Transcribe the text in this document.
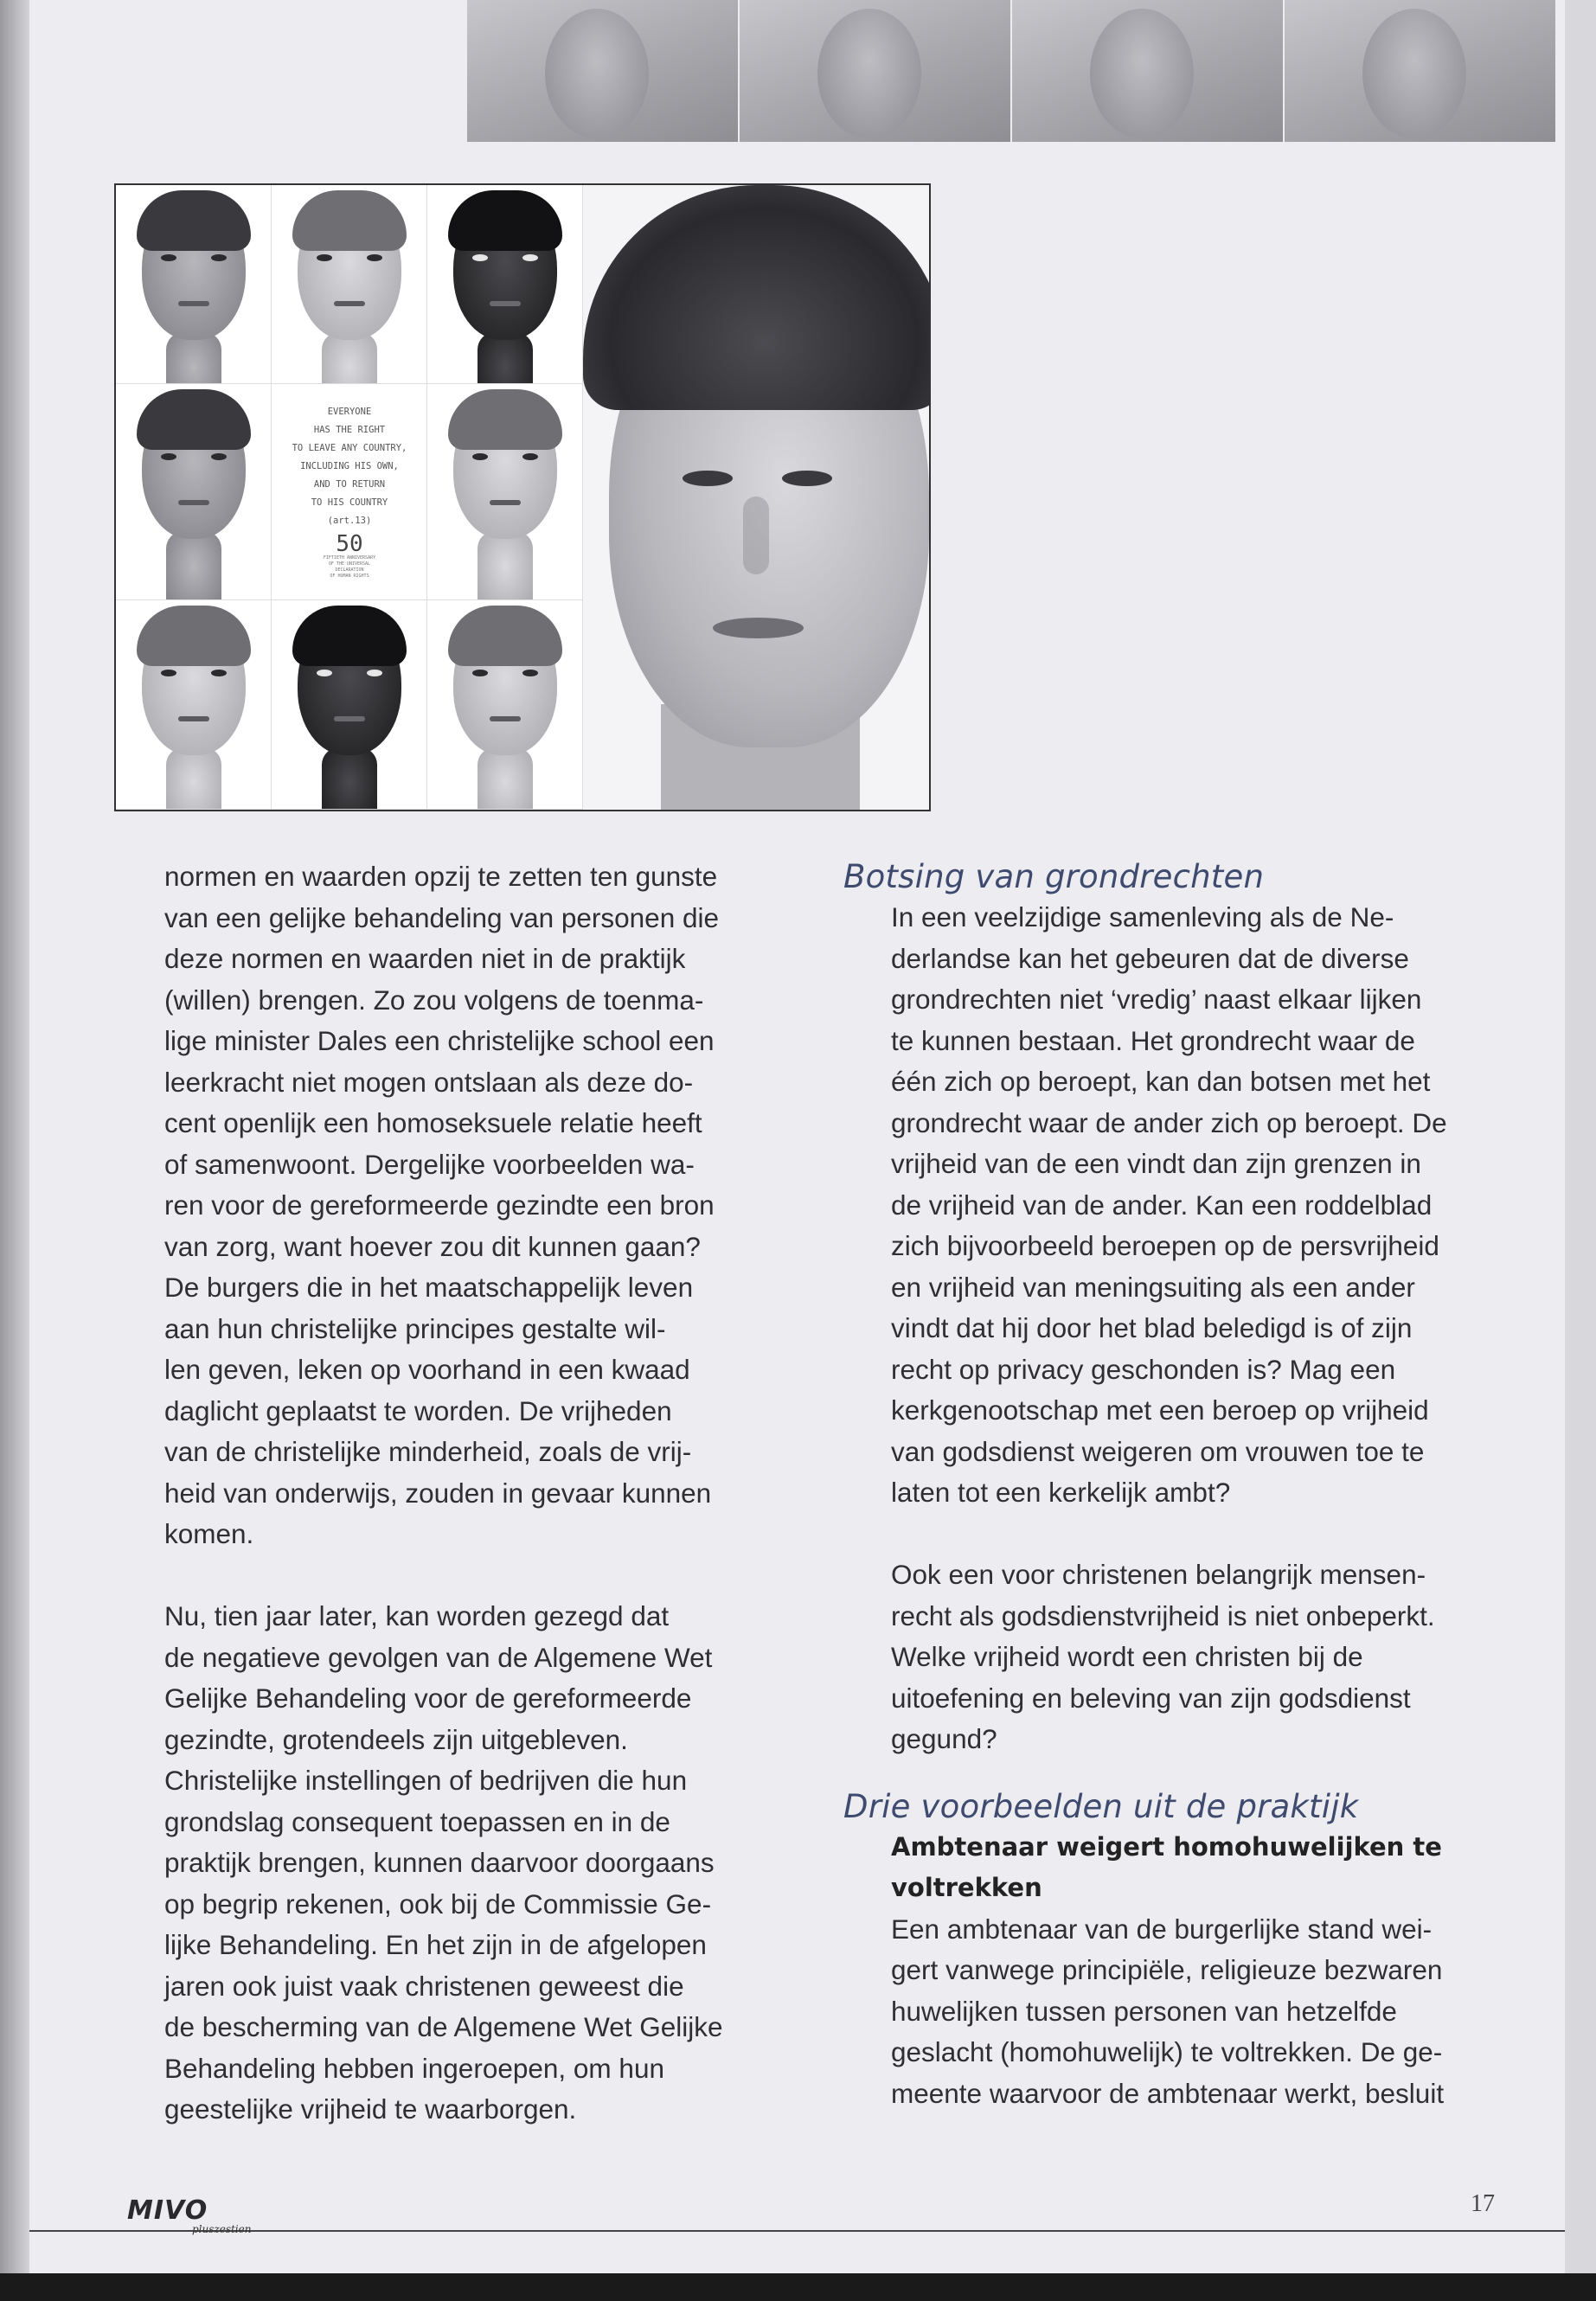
EVERYONE
HAS THE RIGHT
TO LEAVE ANY COUNTRY,
INCLUDING HIS OWN,
AND TO RETURN
TO HIS COUNTRY
(art.13)
50
FIFTIETH ANNIVERSARY
OF THE UNIVERSAL
DECLARATION
OF HUMAN RIGHTS

normen en waarden opzij te zetten ten gunste
van een gelijke behandeling van personen die
deze normen en waarden niet in de praktijk
(willen) brengen. Zo zou volgens de toenma-
lige minister Dales een christelijke school een
leerkracht niet mogen ontslaan als deze do-
cent openlijk een homoseksuele relatie heeft
of samenwoont. Dergelijke voorbeelden wa-
ren voor de gereformeerde gezindte een bron
van zorg, want hoever zou dit kunnen gaan?
De burgers die in het maatschappelijk leven
aan hun christelijke principes gestalte wil-
len geven, leken op voorhand in een kwaad
daglicht geplaatst te worden. De vrijheden
van de christelijke minderheid, zoals de vrij-
heid van onderwijs, zouden in gevaar kunnen
komen.

Nu, tien jaar later, kan worden gezegd dat
de negatieve gevolgen van de Algemene Wet
Gelijke Behandeling voor de gereformeerde
gezindte, grotendeels zijn uitgebleven.
Christelijke instellingen of bedrijven die hun
grondslag consequent toepassen en in de
praktijk brengen, kunnen daarvoor doorgaans
op begrip rekenen, ook bij de Commissie Ge-
lijke Behandeling. En het zijn in de afgelopen
jaren ook juist vaak christenen geweest die
de bescherming van de Algemene Wet Gelijke
Behandeling hebben ingeroepen, om hun
geestelijke vrijheid te waarborgen.

Botsing van grondrechten

In een veelzijdige samenleving als de Ne-
derlandse kan het gebeuren dat de diverse
grondrechten niet ‘vredig’ naast elkaar lijken
te kunnen bestaan. Het grondrecht waar de
één zich op beroept, kan dan botsen met het
grondrecht waar de ander zich op beroept. De
vrijheid van de een vindt dan zijn grenzen in
de vrijheid van de ander. Kan een roddelblad
zich bijvoorbeeld beroepen op de persvrijheid
en vrijheid van meningsuiting als een ander
vindt dat hij door het blad beledigd is of zijn
recht op privacy geschonden is? Mag een
kerkgenootschap met een beroep op vrijheid
van godsdienst weigeren om vrouwen toe te
laten tot een kerkelijk ambt?

Ook een voor christenen belangrijk mensen-
recht als godsdienstvrijheid is niet onbeperkt.
Welke vrijheid wordt een christen bij de
uitoefening en beleving van zijn godsdienst
gegund?

Drie voorbeelden uit de praktijk
Ambtenaar weigert homohuwelijken te
voltrekken

Een ambtenaar van de burgerlijke stand wei-
gert vanwege principiële, religieuze bezwaren
huwelijken tussen personen van hetzelfde
geslacht (homohuwelijk) te voltrekken. De ge-
meente waarvoor de ambtenaar werkt, besluit

MIVO
pluszestien
17
